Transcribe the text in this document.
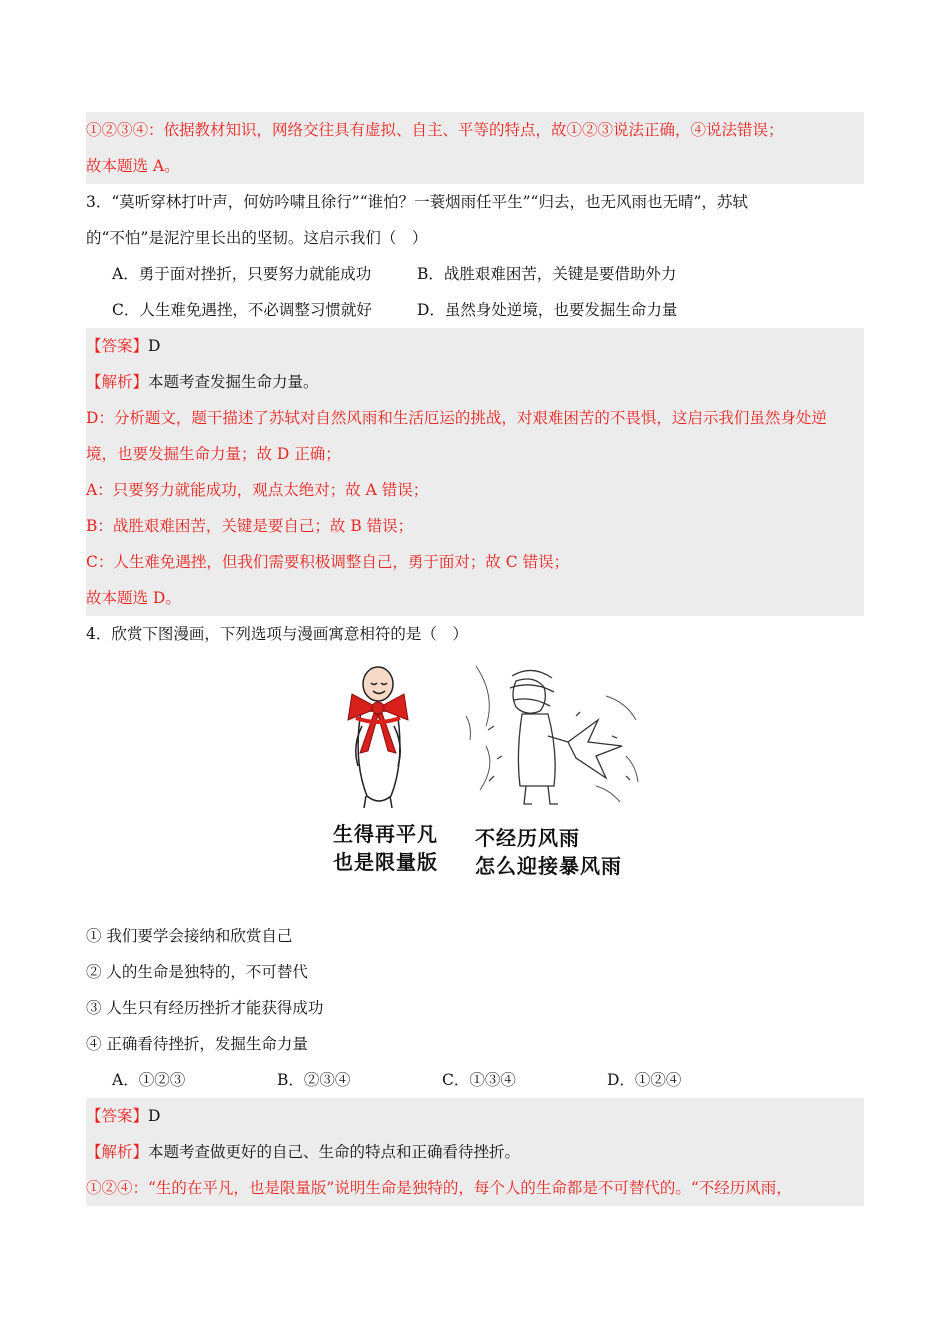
①②③④：依据教材知识，网络交往具有虚拟、自主、平等的特点，故①②③说法正确，④说法错误；
故本题选 A。
3．“莫听穿林打叶声，何妨吟啸且徐行”“谁怕？一蓑烟雨任平生”“归去，也无风雨也无晴”，苏轼
的“不怕”是泥泞里长出的坚韧。这启示我们（　）
A．勇于面对挫折，只要努力就能成功	B．战胜艰难困苦，关键是要借助外力
C．人生难免遇挫，不必调整习惯就好	D．虽然身处逆境，也要发掘生命力量
【答案】D
【解析】本题考查发掘生命力量。
D：分析题文，题干描述了苏轼对自然风雨和生活厄运的挑战，对艰难困苦的不畏惧，这启示我们虽然身处逆
境，也要发掘生命力量；故 D 正确；
A：只要努力就能成功，观点太绝对；故 A 错误；
B：战胜艰难困苦，关键是要自己；故 B 错误；
C：人生难免遇挫，但我们需要积极调整自己，勇于面对；故 C 错误；
故本题选 D。
4．欣赏下图漫画，下列选项与漫画寓意相符的是（　）
生得再平凡
也是限量版
不经历风雨
怎么迎接暴风雨
① 我们要学会接纳和欣赏自己
② 人的生命是独特的，不可替代
③ 人生只有经历挫折才能获得成功
④ 正确看待挫折，发掘生命力量
A．①②③	B．②③④	C．①③④	D．①②④
【答案】D
【解析】本题考查做更好的自己、生命的特点和正确看待挫折。
①②④：“生的在平凡，也是限量版”说明生命是独特的，每个人的生命都是不可替代的。“不经历风雨，
